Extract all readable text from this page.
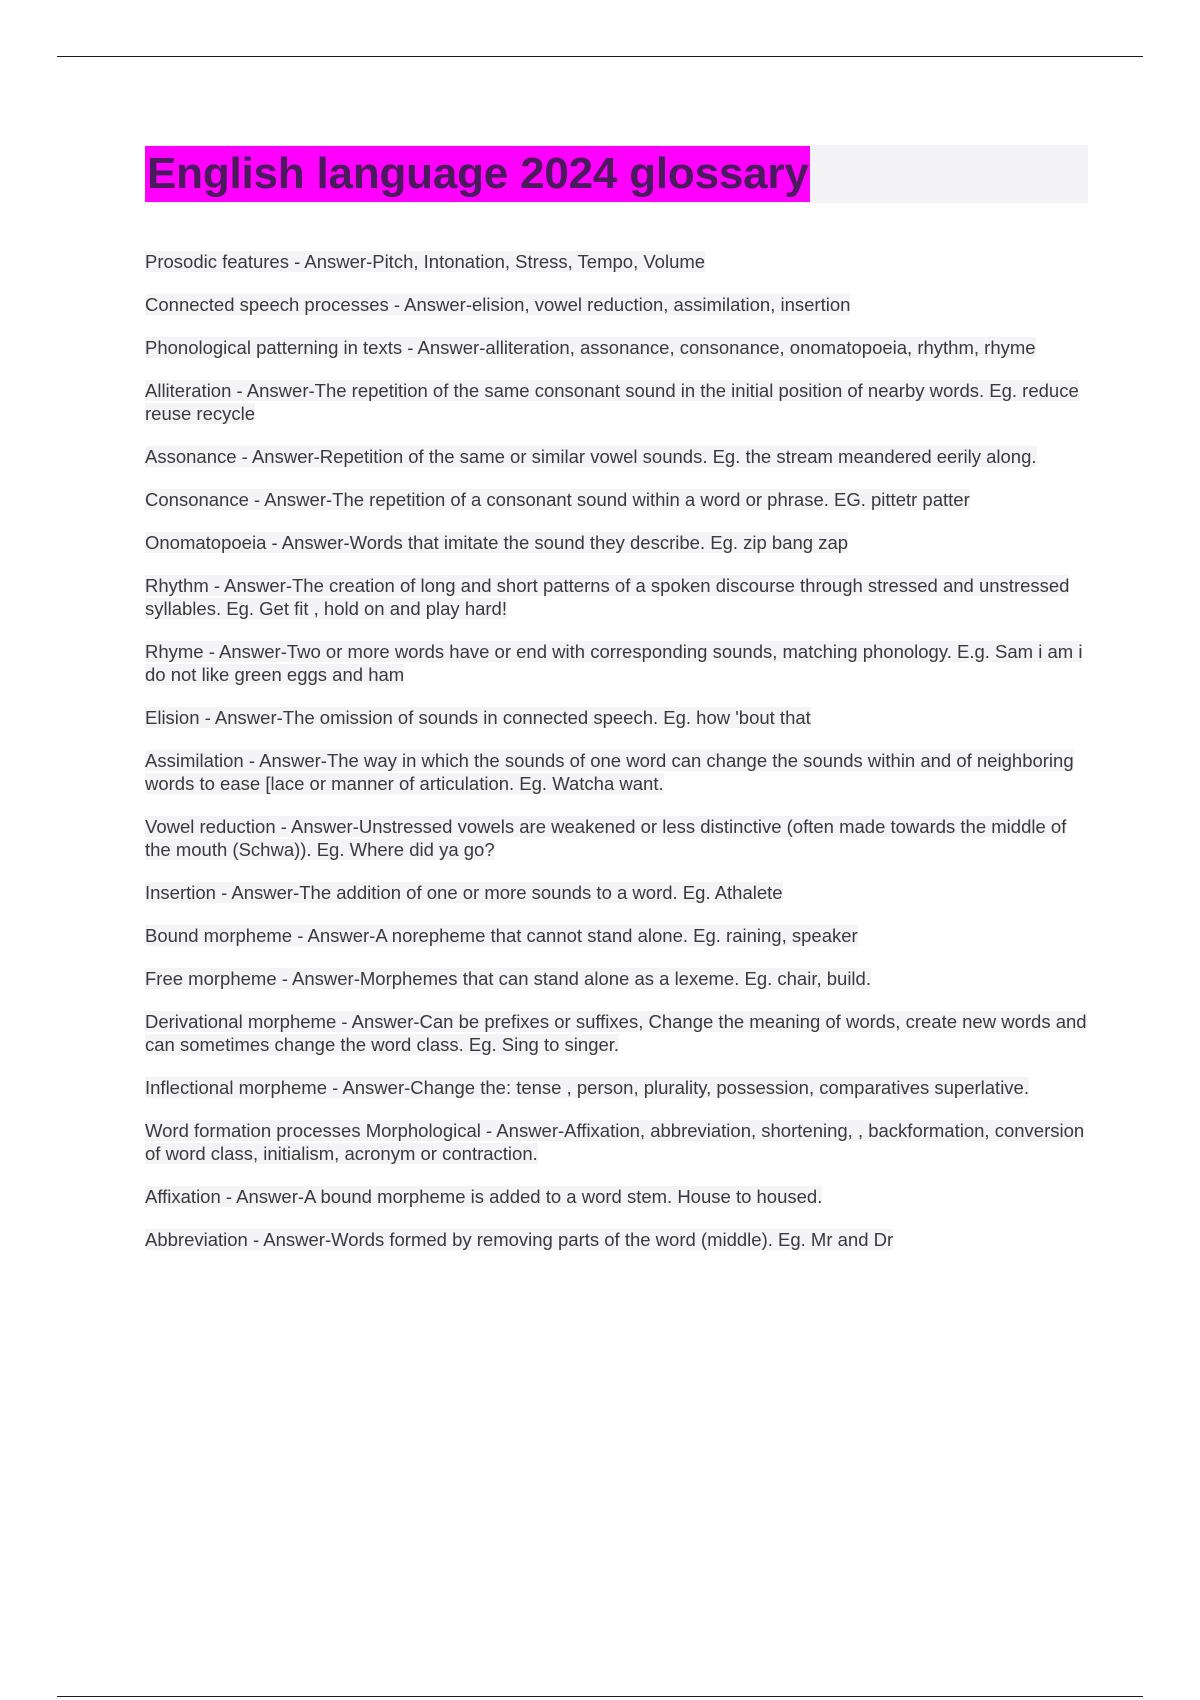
English language 2024 glossary

Prosodic features - Answer-Pitch, Intonation, Stress, Tempo, Volume

Connected speech processes - Answer-elision, vowel reduction, assimilation, insertion

Phonological patterning in texts - Answer-alliteration, assonance, consonance, onomatopoeia, rhythm, rhyme

Alliteration - Answer-The repetition of the same consonant sound in the initial position of nearby words. Eg. reduce reuse recycle

Assonance - Answer-Repetition of the same or similar vowel sounds. Eg. the stream meandered eerily along.

Consonance - Answer-The repetition of a consonant sound within a word or phrase. EG. pittetr patter

Onomatopoeia - Answer-Words that imitate the sound they describe. Eg. zip bang zap

Rhythm - Answer-The creation of long and short patterns of a spoken discourse through stressed and unstressed syllables. Eg. Get fit , hold on and play hard!

Rhyme - Answer-Two or more words have or end with corresponding sounds, matching phonology. E.g. Sam i am i do not like green eggs and ham

Elision - Answer-The omission of sounds in connected speech. Eg. how 'bout that

Assimilation - Answer-The way in which the sounds of one word can change the sounds within and of neighboring words to ease [lace or manner of articulation. Eg. Watcha want.

Vowel reduction - Answer-Unstressed vowels are weakened or less distinctive (often made towards the middle of the mouth (Schwa)). Eg. Where did ya go?

Insertion - Answer-The addition of one or more sounds to a word. Eg. Athalete

Bound morpheme - Answer-A norepheme that cannot stand alone. Eg. raining, speaker

Free morpheme - Answer-Morphemes that can stand alone as a lexeme. Eg. chair, build.

Derivational morpheme - Answer-Can be prefixes or suffixes, Change the meaning of words, create new words and can sometimes change the word class. Eg. Sing to singer.

Inflectional morpheme - Answer-Change the: tense , person, plurality, possession, comparatives superlative.

Word formation processes Morphological - Answer-Affixation, abbreviation, shortening, , backformation, conversion of word class, initialism, acronym or contraction.

Affixation - Answer-A bound morpheme is added to a word stem. House to housed.

Abbreviation - Answer-Words formed by removing parts of the word (middle). Eg. Mr and Dr
